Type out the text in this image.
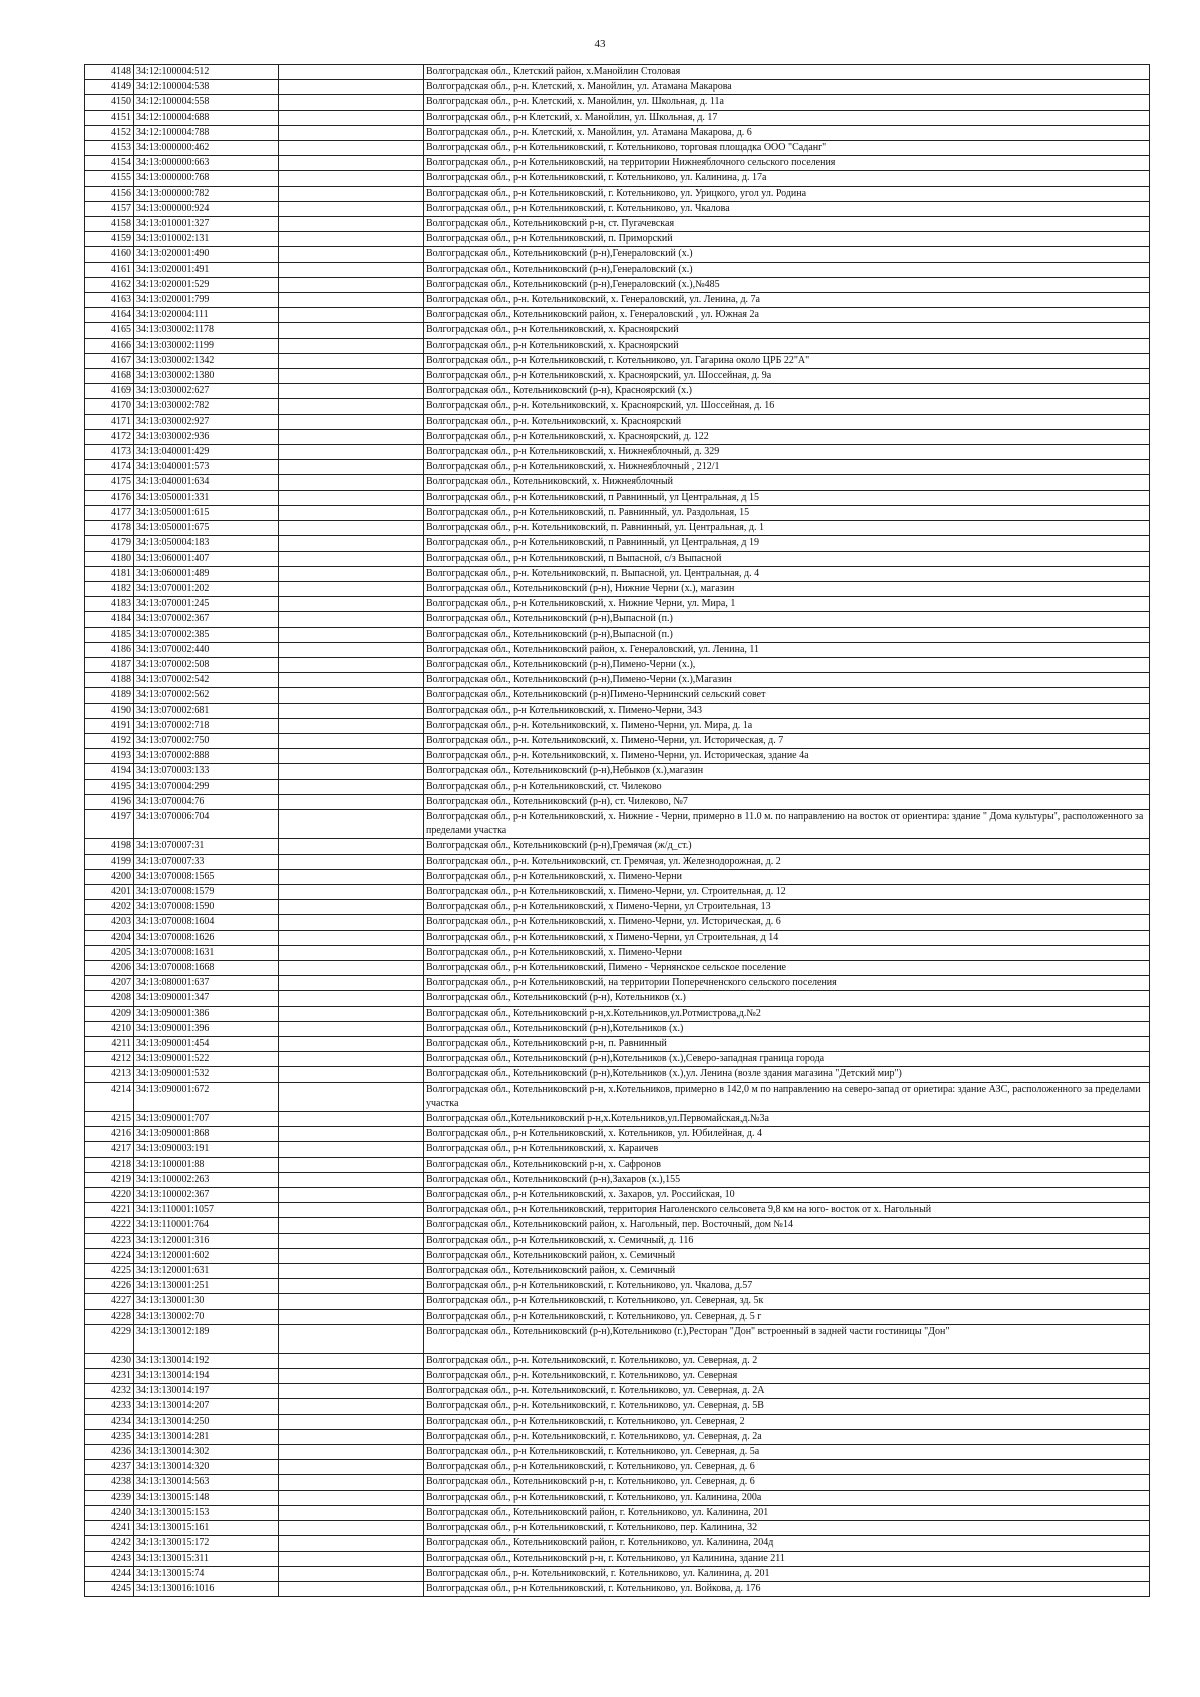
43
4148	34:12:100004:512		Волгоградская обл., Клетский район, х.Манойлин Столовая
4149	34:12:100004:538		Волгоградская обл., р-н. Клетский, х. Манойлин, ул. Атамана Макарова
4150	34:12:100004:558		Волгоградская обл., р-н. Клетский, х. Манойлин, ул. Школьная, д. 11а
4151	34:12:100004:688		Волгоградская обл., р-н Клетский, х. Манойлин, ул. Школьная, д. 17
4152	34:12:100004:788		Волгоградская обл., р-н. Клетский, х. Манойлин, ул. Атамана Макарова, д. 6
4153	34:13:000000:462		Волгоградская обл., р-н Котельниковский, г. Котельниково, торговая площадка ООО "Саданг"
4154	34:13:000000:663		Волгоградская обл., р-н Котельниковский, на территории Нижнеяблочного сельского поселения
4155	34:13:000000:768		Волгоградская обл., р-н Котельниковский, г. Котельниково, ул. Калинина, д. 17а
4156	34:13:000000:782		Волгоградская обл., р-н Котельниковский, г. Котельниково, ул. Урицкого, угол ул. Родина
4157	34:13:000000:924		Волгоградская обл., р-н Котельниковский, г. Котельниково, ул. Чкалова
4158	34:13:010001:327		Волгоградская обл., Котельниковский р-н, ст. Пугачевская
4159	34:13:010002:131		Волгоградская обл., р-н Котельниковский, п. Приморский
4160	34:13:020001:490		Волгоградская обл., Котельниковский (р-н),Генераловский (х.)
4161	34:13:020001:491		Волгоградская обл., Котельниковский (р-н),Генераловский (х.)
4162	34:13:020001:529		Волгоградская обл., Котельниковский (р-н),Генераловский (х.),№485
4163	34:13:020001:799		Волгоградская обл., р-н. Котельниковский, х. Генераловский, ул. Ленина, д. 7а
4164	34:13:020004:111		Волгоградская обл., Котельниковский район, х. Генераловский , ул. Южная 2а
4165	34:13:030002:1178		Волгоградская обл., р-н Котельниковский, х. Красноярский
4166	34:13:030002:1199		Волгоградская обл., р-н Котельниковский, х. Красноярский
4167	34:13:030002:1342		Волгоградская обл., р-н Котельниковский, г. Котельниково, ул. Гагарина около ЦРБ 22"А"
4168	34:13:030002:1380		Волгоградская обл., р-н Котельниковский, х. Красноярский, ул. Шоссейная, д. 9а
4169	34:13:030002:627		Волгоградская обл., Котельниковский (р-н), Красноярский (х.)
4170	34:13:030002:782		Волгоградская обл., р-н. Котельниковский, х. Красноярский, ул. Шоссейная, д. 16
4171	34:13:030002:927		Волгоградская обл., р-н. Котельниковский, х. Красноярский
4172	34:13:030002:936		Волгоградская обл., р-н Котельниковский, х. Красноярский, д. 122
4173	34:13:040001:429		Волгоградская обл., р-н Котельниковский, х. Нижнеяблочный, д. 329
4174	34:13:040001:573		Волгоградская обл., р-н Котельниковский, х. Нижнеяблочный , 212/1
4175	34:13:040001:634		Волгоградская обл., Котельниковский, х. Нижнеяблочный
4176	34:13:050001:331		Волгоградская обл., р-н Котельниковский, п Равнинный, ул Центральная, д 15
4177	34:13:050001:615		Волгоградская обл., р-н Котельниковский, п. Равнинный, ул. Раздольная, 15
4178	34:13:050001:675		Волгоградская обл., р-н. Котельниковский, п. Равнинный, ул. Центральная, д. 1
4179	34:13:050004:183		Волгоградская обл., р-н Котельниковский, п Равнинный, ул Центральная, д 19
4180	34:13:060001:407		Волгоградская обл., р-н Котельниковский, п Выпасной, с/з Выпасной
4181	34:13:060001:489		Волгоградская обл., р-н. Котельниковский, п. Выпасной, ул. Центральная, д. 4
4182	34:13:070001:202		Волгоградская обл., Котельниковский (р-н), Нижние Черни (х.), магазин
4183	34:13:070001:245		Волгоградская обл., р-н Котельниковский, х. Нижние Черни, ул. Мира, 1
4184	34:13:070002:367		Волгоградская обл., Котельниковский (р-н),Выпасной (п.)
4185	34:13:070002:385		Волгоградская обл., Котельниковский (р-н),Выпасной (п.)
4186	34:13:070002:440		Волгоградская обл., Котельниковский район, х. Генераловский, ул. Ленина, 11
4187	34:13:070002:508		Волгоградская обл., Котельниковский (р-н),Пимено-Черни (х.),
4188	34:13:070002:542		Волгоградская обл., Котельниковский (р-н),Пимено-Черни (х.),Магазин
4189	34:13:070002:562		Волгоградская обл., Котельниковский (р-н)Пимено-Чернинский сельский совет
4190	34:13:070002:681		Волгоградская обл., р-н Котельниковский, х. Пимено-Черни, 343
4191	34:13:070002:718		Волгоградская обл., р-н. Котельниковский, х. Пимено-Черни, ул. Мира, д. 1а
4192	34:13:070002:750		Волгоградская обл., р-н. Котельниковский, х. Пимено-Черни, ул. Историческая, д. 7
4193	34:13:070002:888		Волгоградская обл., р-н. Котельниковский, х. Пимено-Черни, ул. Историческая, здание 4а
4194	34:13:070003:133		Волгоградская обл., Котельниковский (р-н),Небыков (х.),магазин
4195	34:13:070004:299		Волгоградская обл., р-н Котельниковский, ст. Чилеково
4196	34:13:070004:76		Волгоградская обл., Котельниковский (р-н), ст. Чилеково, №7
4197	34:13:070006:704		Волгоградская обл., р-н Котельниковский, х. Нижние - Черни, примерно в 11.0 м. по направлению на восток от ориентира: здание " Дома культуры", расположенного за пределами участка
4198	34:13:070007:31		Волгоградская обл., Котельниковский (р-н),Гремячая (ж/д_ст.)
4199	34:13:070007:33		Волгоградская обл., р-н. Котельниковский, ст. Гремячая, ул. Железнодорожная, д. 2
4200	34:13:070008:1565		Волгоградская обл., р-н Котельниковский, х. Пимено-Черни
4201	34:13:070008:1579		Волгоградская обл., р-н Котельниковский, х. Пимено-Черни, ул. Строительная, д. 12
4202	34:13:070008:1590		Волгоградская обл., р-н Котельниковский, х Пимено-Черни, ул Строительная, 13
4203	34:13:070008:1604		Волгоградская обл., р-н Котельниковский, х. Пимено-Черни, ул. Историческая, д. 6
4204	34:13:070008:1626		Волгоградская обл., р-н Котельниковский, х Пимено-Черни, ул Строительная, д 14
4205	34:13:070008:1631		Волгоградская обл., р-н Котельниковский, х. Пимено-Черни
4206	34:13:070008:1668		Волгоградская обл., р-н Котельниковский, Пимено - Чернянское сельское поселение
4207	34:13:080001:637		Волгоградская обл., р-н Котельниковский, на территории Поперечненского сельского поселения
4208	34:13:090001:347		Волгоградская обл., Котельниковский (р-н), Котельников (х.)
4209	34:13:090001:386		Волгоградская обл., Котельниковский р-н,х.Котельников,ул.Ротмистрова,д.№2
4210	34:13:090001:396		Волгоградская обл., Котельниковский (р-н),Котельников (х.)
4211	34:13:090001:454		Волгоградская обл., Котельниковский р-н, п. Равнинный
4212	34:13:090001:522		Волгоградская обл., Котельниковский (р-н),Котельников (х.),Северо-западная граница города
4213	34:13:090001:532		Волгоградская обл., Котельниковский (р-н),Котельников (х.),ул. Ленина (возле здания магазина "Детский мир")
4214	34:13:090001:672		Волгоградская обл., Котельниковский р-н, х.Котельников, примерно в 142,0 м по направлению на северо-запад от ориетира: здание АЗС, расположенного за пределами участка
4215	34:13:090001:707		Волгоградская обл.,Котельниковский р-н,х.Котельников,ул.Первомайская,д.№3а
4216	34:13:090001:868		Волгоградская обл., р-н Котельниковский, х. Котельников, ул. Юбилейная, д. 4
4217	34:13:090003:191		Волгоградская обл., р-н Котельниковский, х. Караичев
4218	34:13:100001:88		Волгоградская обл., Котельниковский р-н, х. Сафронов
4219	34:13:100002:263		Волгоградская обл., Котельниковский (р-н),Захаров (х.),155
4220	34:13:100002:367		Волгоградская обл., р-н Котельниковский, х. Захаров, ул. Российская, 10
4221	34:13:110001:1057		Волгоградская обл., р-н Котельниковский, территория Наголенского сельсовета 9,8 км на юго- восток от х. Нагольный
4222	34:13:110001:764		Волгоградская обл., Котельниковский район, х. Нагольный, пер. Восточный, дом №14
4223	34:13:120001:316		Волгоградская обл., р-н Котельниковский, х. Семичный, д. 116
4224	34:13:120001:602		Волгоградская обл., Котельниковский район, х. Семичный
4225	34:13:120001:631		Волгоградская обл., Котельниковский район, х. Семичный
4226	34:13:130001:251		Волгоградская обл., р-н Котельниковский, г. Котельниково, ул. Чкалова, д.57
4227	34:13:130001:30		Волгоградская обл., р-н Котельниковский, г. Котельниково, ул. Северная, зд. 5к
4228	34:13:130002:70		Волгоградская обл., р-н Котельниковский, г. Котельниково, ул. Северная, д. 5 г
4229	34:13:130012:189		Волгоградская обл., Котельниковский (р-н),Котельниково (г.),Ресторан "Дон" встроенный в задней части гостиницы "Дон"
4230	34:13:130014:192		Волгоградская обл., р-н. Котельниковский, г. Котельниково, ул. Северная, д. 2
4231	34:13:130014:194		Волгоградская обл., р-н. Котельниковский, г. Котельниково, ул. Северная
4232	34:13:130014:197		Волгоградская обл., р-н. Котельниковский, г. Котельниково, ул. Северная, д. 2А
4233	34:13:130014:207		Волгоградская обл., р-н. Котельниковский, г. Котельниково, ул. Северная, д. 5В
4234	34:13:130014:250		Волгоградская обл., р-н Котельниковский, г. Котельниково, ул. Северная, 2
4235	34:13:130014:281		Волгоградская обл., р-н. Котельниковский, г. Котельниково, ул. Северная, д. 2а
4236	34:13:130014:302		Волгоградская обл., р-н Котельниковский, г. Котельниково, ул. Северная, д. 5а
4237	34:13:130014:320		Волгоградская обл., р-н Котельниковский, г. Котельниково, ул. Северная, д. 6
4238	34:13:130014:563		Волгоградская обл., Котельниковский р-н, г. Котельниково, ул. Северная, д. 6
4239	34:13:130015:148		Волгоградская обл., р-н Котельниковский, г. Котельниково, ул. Калинина, 200а
4240	34:13:130015:153		Волгоградская обл., Котельниковский район, г. Котельниково, ул. Калинина, 201
4241	34:13:130015:161		Волгоградская обл., р-н Котельниковский, г. Котельниково, пер. Калинина, 32
4242	34:13:130015:172		Волгоградская обл., Котельниковский район, г. Котельниково, ул. Калинина, 204д
4243	34:13:130015:311		Волгоградская обл., Котельниковский р-н, г. Котельниково, ул Калинина, здание 211
4244	34:13:130015:74		Волгоградская обл., р-н. Котельниковский, г. Котельниково, ул. Калинина, д. 201
4245	34:13:130016:1016		Волгоградская обл., р-н Котельниковский, г. Котельниково, ул. Войкова, д. 176
